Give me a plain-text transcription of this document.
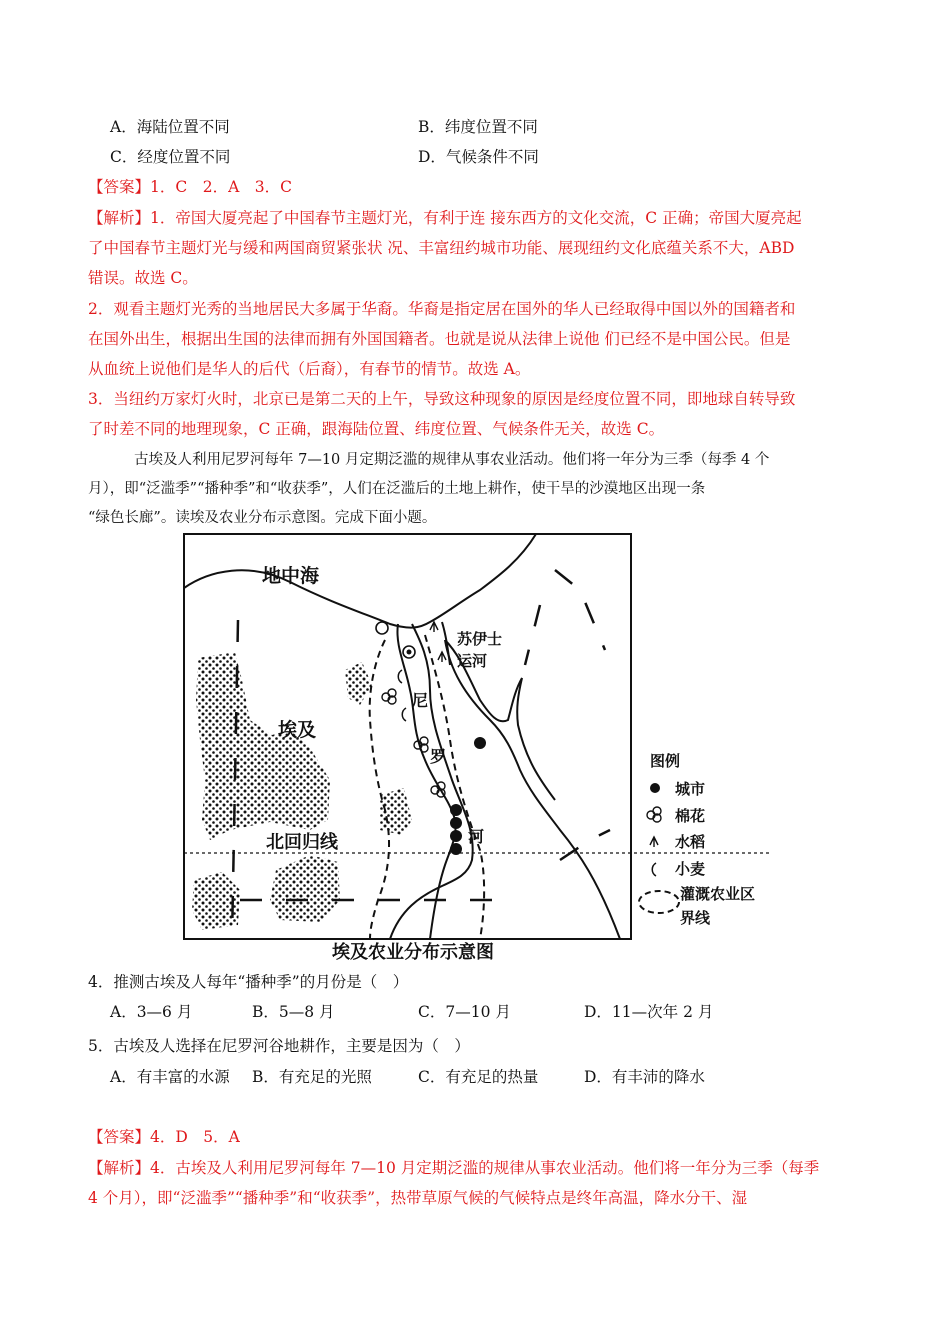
A．海陆位置不同	B．纬度位置不同
C．经度位置不同	D．气候条件不同
【答案】1．C　2．A　3．C
【解析】1．帝国大厦亮起了中国春节主题灯光，有利于连 接东西方的文化交流，C 正确；帝国大厦亮起
了中国春节主题灯光与缓和两国商贸紧张状 况、丰富纽约城市功能、展现纽约文化底蕴关系不大，ABD
错误。故选 C。
2．观看主题灯光秀的当地居民大多属于华裔。华裔是指定居在国外的华人已经取得中国以外的国籍者和
在国外出生，根据出生国的法律而拥有外国国籍者。也就是说从法律上说他 们已经不是中国公民。但是
从血统上说他们是华人的后代（后裔），有春节的情节。故选 A。
3．当纽约万家灯火时，北京已是第二天的上午，导致这种现象的原因是经度位置不同，即地球自转导致
了时差不同的地理现象，C 正确，跟海陆位置、纬度位置、气候条件无关，故选 C。
古埃及人利用尼罗河每年 7—10 月定期泛滥的规律从事农业活动。他们将一年分为三季（每季 4 个
月），即“泛滥季”“播种季”和“收获季”，人们在泛滥后的土地上耕作，使干旱的沙漠地区出现一条
“绿色长廊”。读埃及农业分布示意图。完成下面小题。
地中海
埃及
苏伊士
运河
尼
罗
河
北回归线
埃及农业分布示意图
图例
城市
棉花
水稻
小麦
灌溉农业区
界线
4．推测古埃及人每年“播种季”的月份是（　）
A．3—6 月	B．5—8 月	C．7—10 月	D．11—次年 2 月
5．古埃及人选择在尼罗河谷地耕作，主要是因为（　）
A．有丰富的水源 B．有充足的光照	C．有充足的热量	D．有丰沛的降水
【答案】4．D　5．A
【解析】4．古埃及人利用尼罗河每年 7—10 月定期泛滥的规律从事农业活动。他们将一年分为三季（每季
4 个月），即“泛滥季”“播种季”和“收获季”，热带草原气候的气候特点是终年高温，降水分干、湿
